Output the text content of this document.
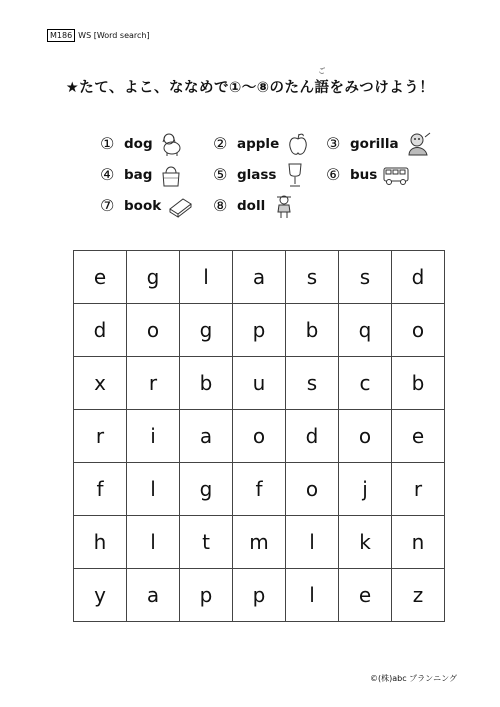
M186 WS [Word search]
★たて、よこ、ななめで①～⑧のたん
ご
語をみつけよう！
① dog	② apple	③ gorilla
④ bag	⑤ glass	⑥ bus
⑦ book	⑧ doll
e	g	l	a	s	s	d
d	o	g	p	b	q	o
x	r	b	u	s	c	b
r	i	a	o	d	o	e
f	l	g	f	o	j	r
h	l	t	m	l	k	n
y	a	p	p	l	e	z
©(株)abc プランニング
